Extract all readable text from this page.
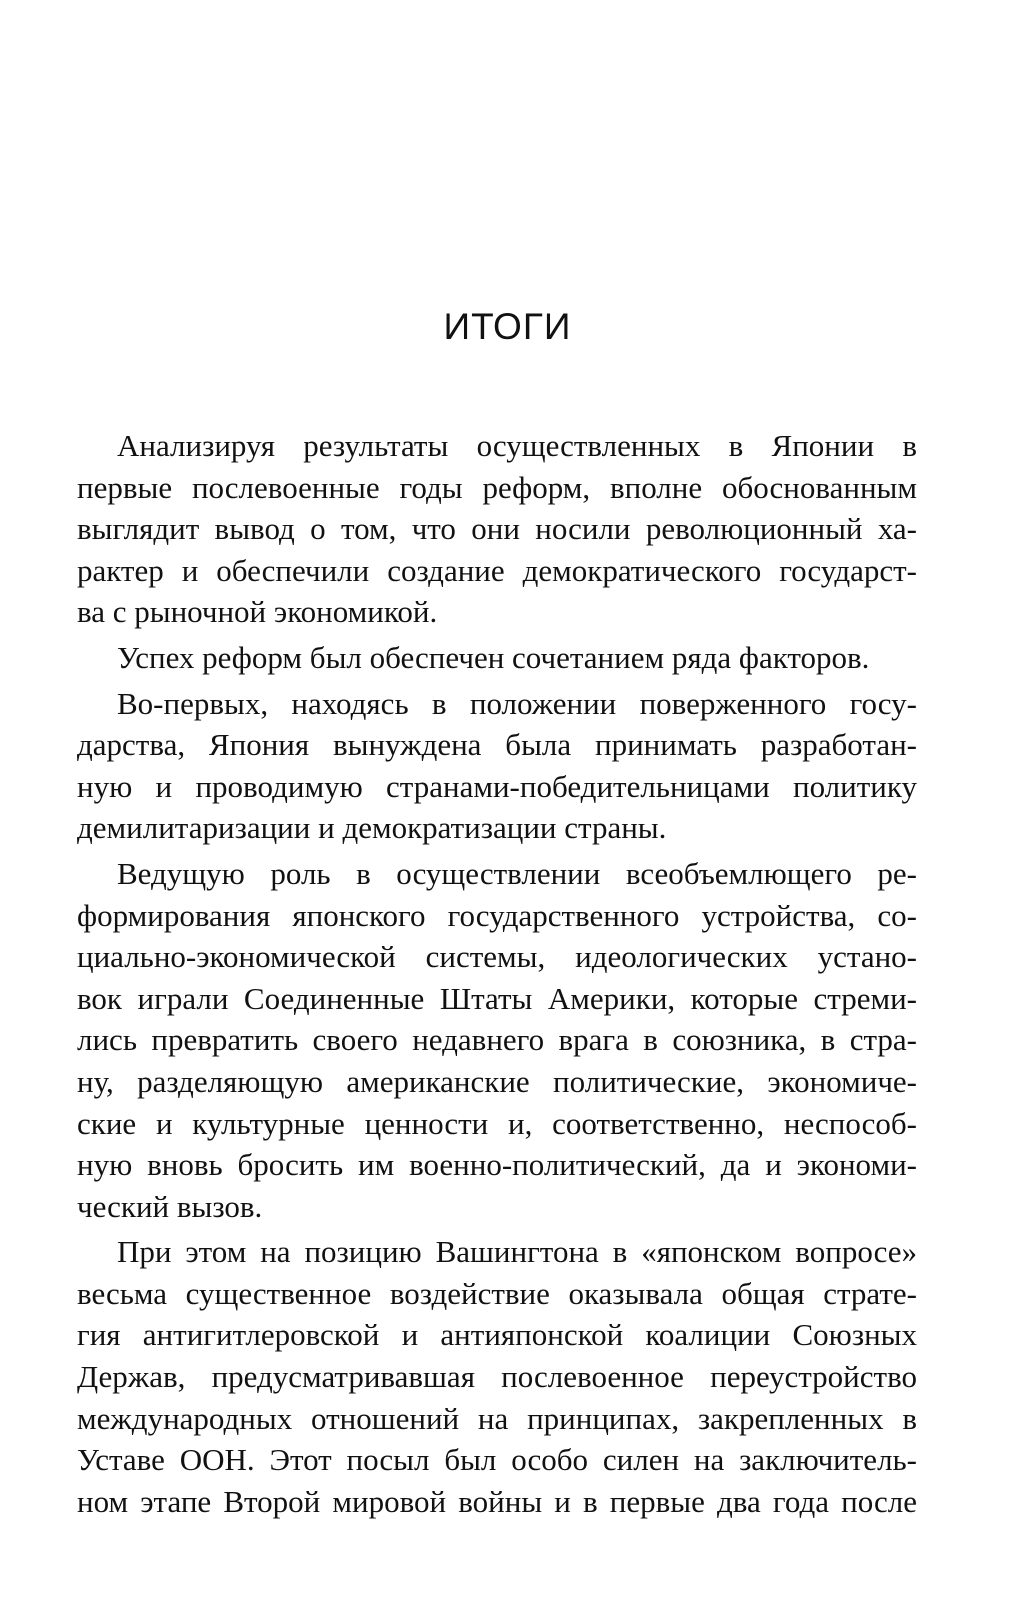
ИТОГИ
Анализируя результаты осуществленных в Японии в
первые послевоенные годы реформ, вполне обоснованным
выглядит вывод о том, что они носили революционный ха-
рактер и обеспечили создание демократического государст-
ва с рыночной экономикой.
Успех реформ был обеспечен сочетанием ряда факторов.
Во-первых, находясь в положении поверженного госу-
дарства, Япония вынуждена была принимать разработан-
ную и проводимую странами-победительницами политику
демилитаризации и демократизации страны.
Ведущую роль в осуществлении всеобъемлющего ре-
формирования японского государственного устройства, со-
циально-экономической системы, идеологических устано-
вок играли Соединенные Штаты Америки, которые стреми-
лись превратить своего недавнего врага в союзника, в стра-
ну, разделяющую американские политические, экономиче-
ские и культурные ценности и, соответственно, неспособ-
ную вновь бросить им военно-политический, да и экономи-
ческий вызов.
При этом на позицию Вашингтона в «японском вопросе»
весьма существенное воздействие оказывала общая страте-
гия антигитлеровской и антияпонской коалиции Союзных
Держав, предусматривавшая послевоенное переустройство
международных отношений на принципах, закрепленных в
Уставе ООН. Этот посыл был особо силен на заключитель-
ном этапе Второй мировой войны и в первые два года после
